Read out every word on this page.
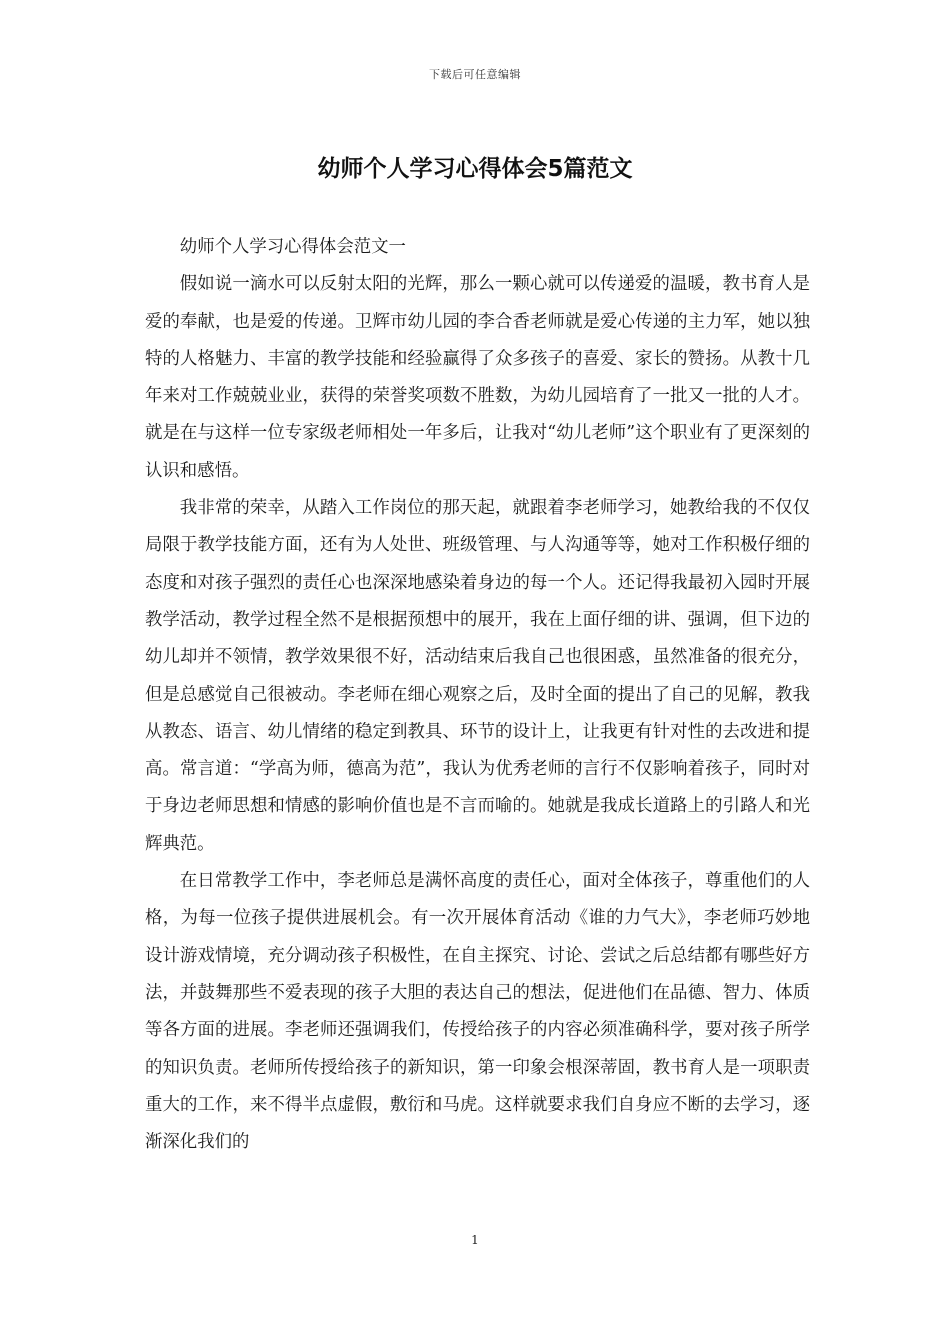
下载后可任意编辑
幼师个人学习心得体会5篇范文

幼师个人学习心得体会范文一

假如说一滴水可以反射太阳的光辉，那么一颗心就可以传递爱的温暖，教书育人是爱的奉献，也是爱的传递。卫辉市幼儿园的李合香老师就是爱心传递的主力军，她以独特的人格魅力、丰富的教学技能和经验赢得了众多孩子的喜爱、家长的赞扬。从教十几年来对工作兢兢业业，获得的荣誉奖项数不胜数，为幼儿园培育了一批又一批的人才。就是在与这样一位专家级老师相处一年多后，让我对“幼儿老师”这个职业有了更深刻的认识和感悟。

我非常的荣幸，从踏入工作岗位的那天起，就跟着李老师学习，她教给我的不仅仅局限于教学技能方面，还有为人处世、班级管理、与人沟通等等，她对工作积极仔细的态度和对孩子强烈的责任心也深深地感染着身边的每一个人。还记得我最初入园时开展教学活动，教学过程全然不是根据预想中的展开，我在上面仔细的讲、强调，但下边的幼儿却并不领情，教学效果很不好，活动结束后我自己也很困惑，虽然准备的很充分，但是总感觉自己很被动。李老师在细心观察之后，及时全面的提出了自己的见解，教我从教态、语言、幼儿情绪的稳定到教具、环节的设计上，让我更有针对性的去改进和提高。常言道：“学高为师，德高为范”，我认为优秀老师的言行不仅影响着孩子，同时对于身边老师思想和情感的影响价值也是不言而喻的。她就是我成长道路上的引路人和光辉典范。

在日常教学工作中，李老师总是满怀高度的责任心，面对全体孩子，尊重他们的人格，为每一位孩子提供进展机会。有一次开展体育活动《谁的力气大》，李老师巧妙地设计游戏情境，充分调动孩子积极性，在自主探究、讨论、尝试之后总结都有哪些好方法，并鼓舞那些不爱表现的孩子大胆的表达自己的想法，促进他们在品德、智力、体质等各方面的进展。李老师还强调我们，传授给孩子的内容必须准确科学，要对孩子所学的知识负责。老师所传授给孩子的新知识，第一印象会根深蒂固，教书育人是一项职责重大的工作，来不得半点虚假，敷衍和马虎。这样就要求我们自身应不断的去学习，逐渐深化我们的

1
